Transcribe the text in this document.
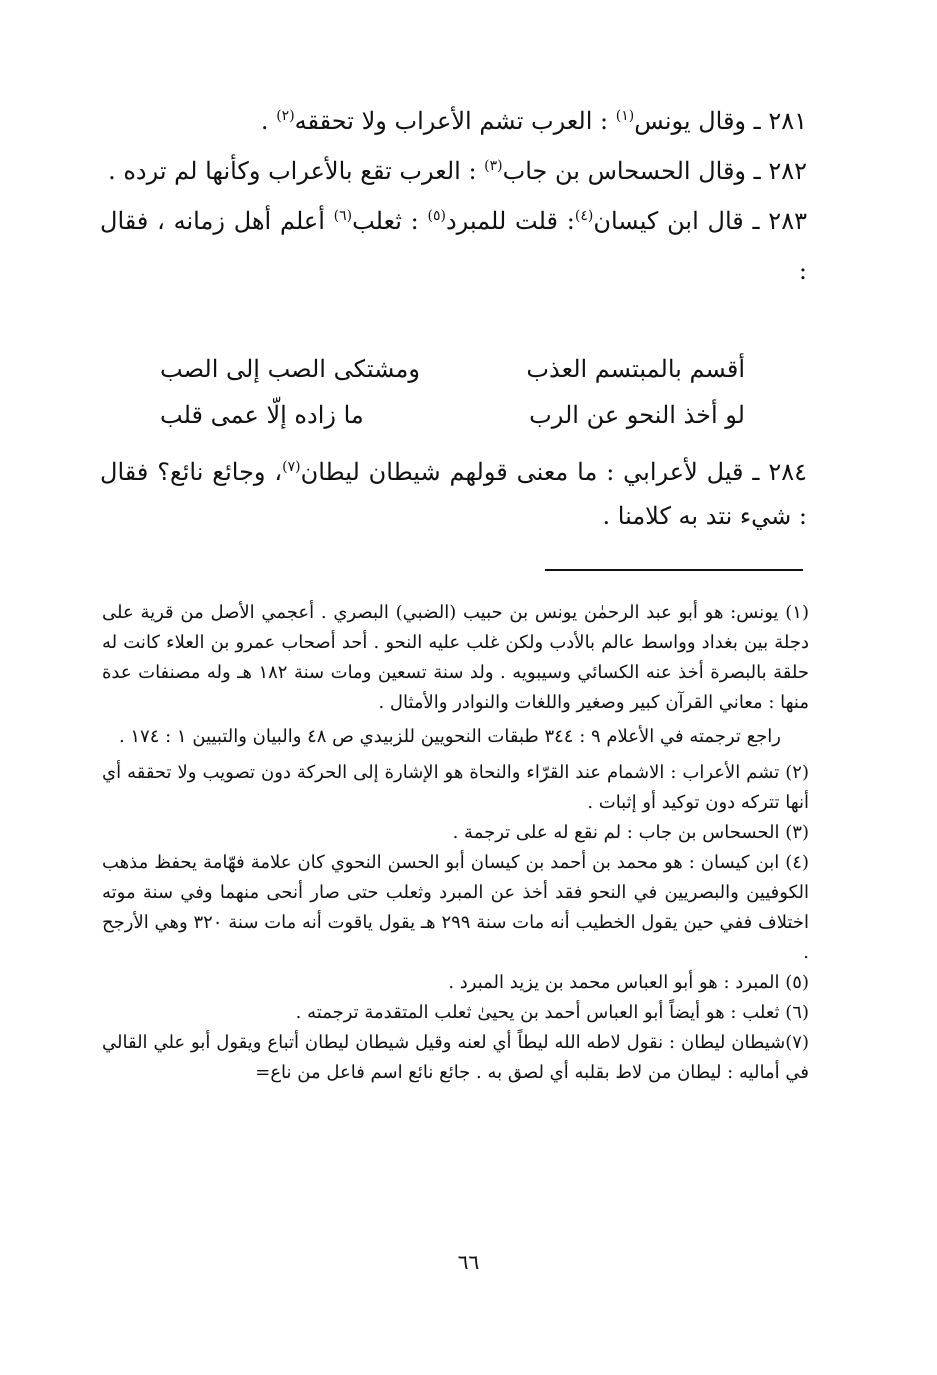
٢٨١ ـ وقال يونس$^{(١)}$ : العرب تشم الأعراب ولا تحققه$^{(٢)}$ .

٢٨٢ ـ وقال الحسحاس بن جاب$^{(٣)}$ : العرب تقع بالأعراب وكأنها لم ترده .

٢٨٣ ـ قال ابن كيسان$^{(٤)}$: قلت للمبرد$^{(٥)}$ : ثعلب$^{(٦)}$ أعلم أهل زمانه ، فقال :

أقسم بالمبتسم العذب
ومشتكى الصب إلى الصب
لو أخذ النحو عن الرب
ما زاده إلّا عمى قلب

٢٨٤ ـ قيل لأعرابي : ما معنى قولهم شيطان ليطان$^{(٧)}$، وجائع نائع؟ فقال : شيء نتد به كلامنا .

(١) يونس: هو أبو عبد الرحمٰن يونس بن حبيب (الضبي) البصري . أعجمي الأصل من قرية على دجلة بين بغداد وواسط عالم بالأدب ولكن غلب عليه النحو . أحد أصحاب عمرو بن العلاء كانت له حلقة بالبصرة أخذ عنه الكسائي وسيبويه . ولد سنة تسعين ومات سنة ١٨٢ هـ وله مصنفات عدة منها : معاني القرآن كبير وصغير واللغات والنوادر والأمثال .

راجع ترجمته في الأعلام ٩ : ٣٤٤ طبقات النحويين للزبيدي ص ٤٨ والبيان والتبيين ١ : ١٧٤ .

(٢) تشم الأعراب : الاشمام عند القرّاء والنحاة هو الإشارة إلى الحركة دون تصويب ولا تحققه أي أنها تتركه دون توكيد أو إثبات .

(٣) الحسحاس بن جاب : لم نقع له على ترجمة .

(٤) ابن كيسان : هو محمد بن أحمد بن كيسان أبو الحسن النحوي كان علامة فهّامة يحفظ مذهب الكوفيين والبصريين في النحو فقد أخذ عن المبرد وثعلب حتى صار أنحى منهما وفي سنة موته اختلاف ففي حين يقول الخطيب أنه مات سنة ٢٩٩ هـ يقول ياقوت أنه مات سنة ٣٢٠ وهي الأرجح .

(٥) المبرد : هو أبو العباس محمد بن يزيد المبرد .

(٦) ثعلب : هو أيضاً أبو العباس أحمد بن يحيىٰ ثعلب المتقدمة ترجمته .

(٧)شيطان ليطان : نقول لاطه الله ليطاً أي لعنه وقيل شيطان ليطان أتباع ويقول أبو علي القالي في أماليه : ليطان من لاط بقلبه أي لصق به . جائع نائع اسم فاعل من ناع=

٦٦
